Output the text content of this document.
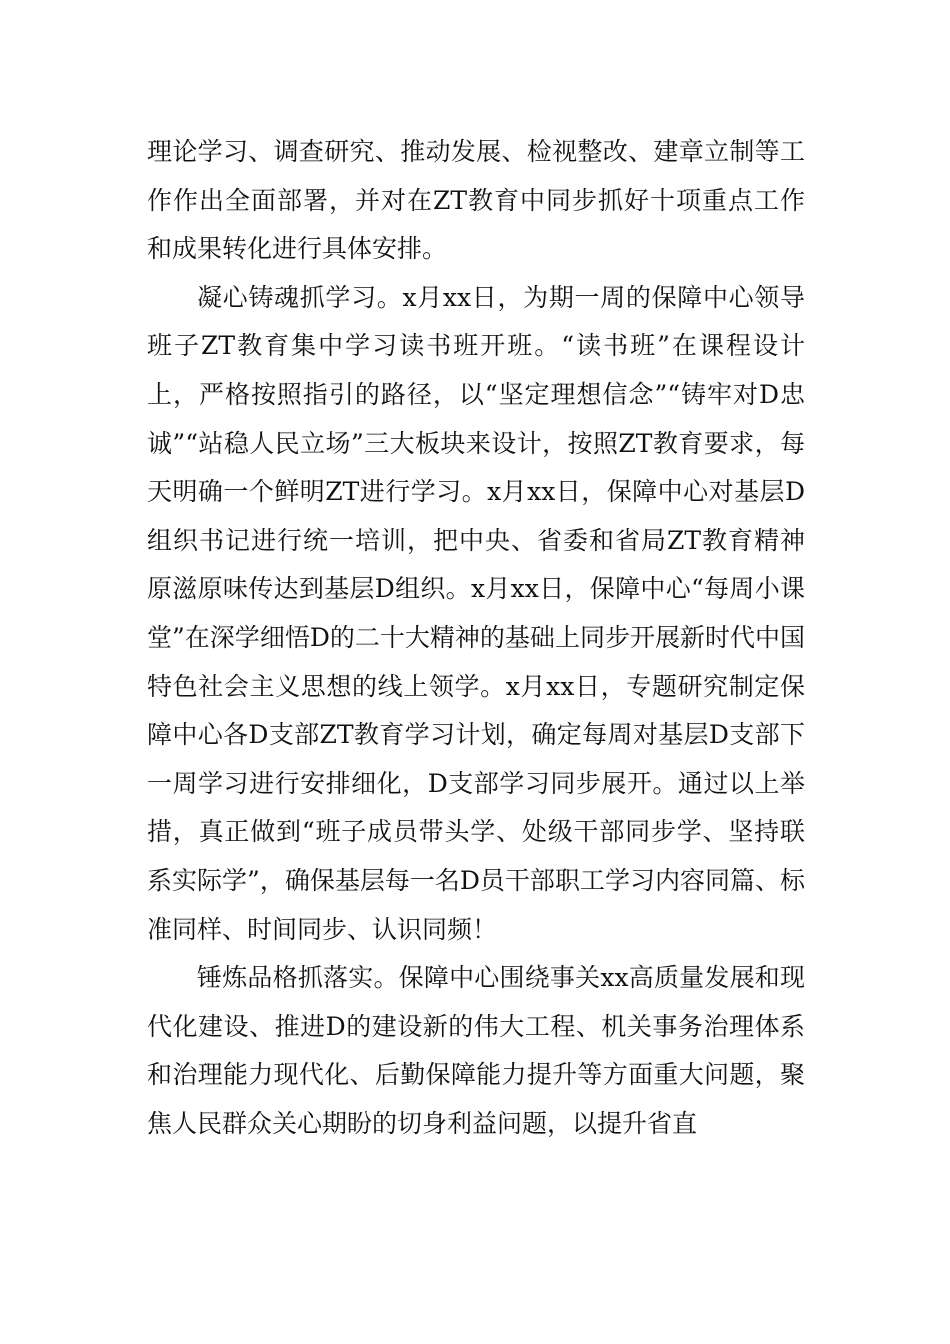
理论学习、调查研究、推动发展、检视整改、建章立制等工作作出全面部署，并对在ZT教育中同步抓好十项重点工作和成果转化进行具体安排。

凝心铸魂抓学习。x月xx日，为期一周的保障中心领导班子ZT教育集中学习读书班开班。“读书班”在课程设计上，严格按照指引的路径，以“坚定理想信念”“铸牢对D忠诚”“站稳人民立场”三大板块来设计，按照ZT教育要求，每天明确一个鲜明ZT进行学习。x月xx日，保障中心对基层D组织书记进行统一培训，把中央、省委和省局ZT教育精神原滋原味传达到基层D组织。x月xx日，保障中心“每周小课堂”在深学细悟D的二十大精神的基础上同步开展新时代中国特色社会主义思想的线上领学。x月xx日，专题研究制定保障中心各D支部ZT教育学习计划，确定每周对基层D支部下一周学习进行安排细化，D支部学习同步展开。通过以上举措，真正做到“班子成员带头学、处级干部同步学、坚持联系实际学”，确保基层每一名D员干部职工学习内容同篇、标准同样、时间同步、认识同频！

锤炼品格抓落实。保障中心围绕事关xx高质量发展和现代化建设、推进D的建设新的伟大工程、机关事务治理体系和治理能力现代化、后勤保障能力提升等方面重大问题，聚焦人民群众关心期盼的切身利益问题，以提升省直
